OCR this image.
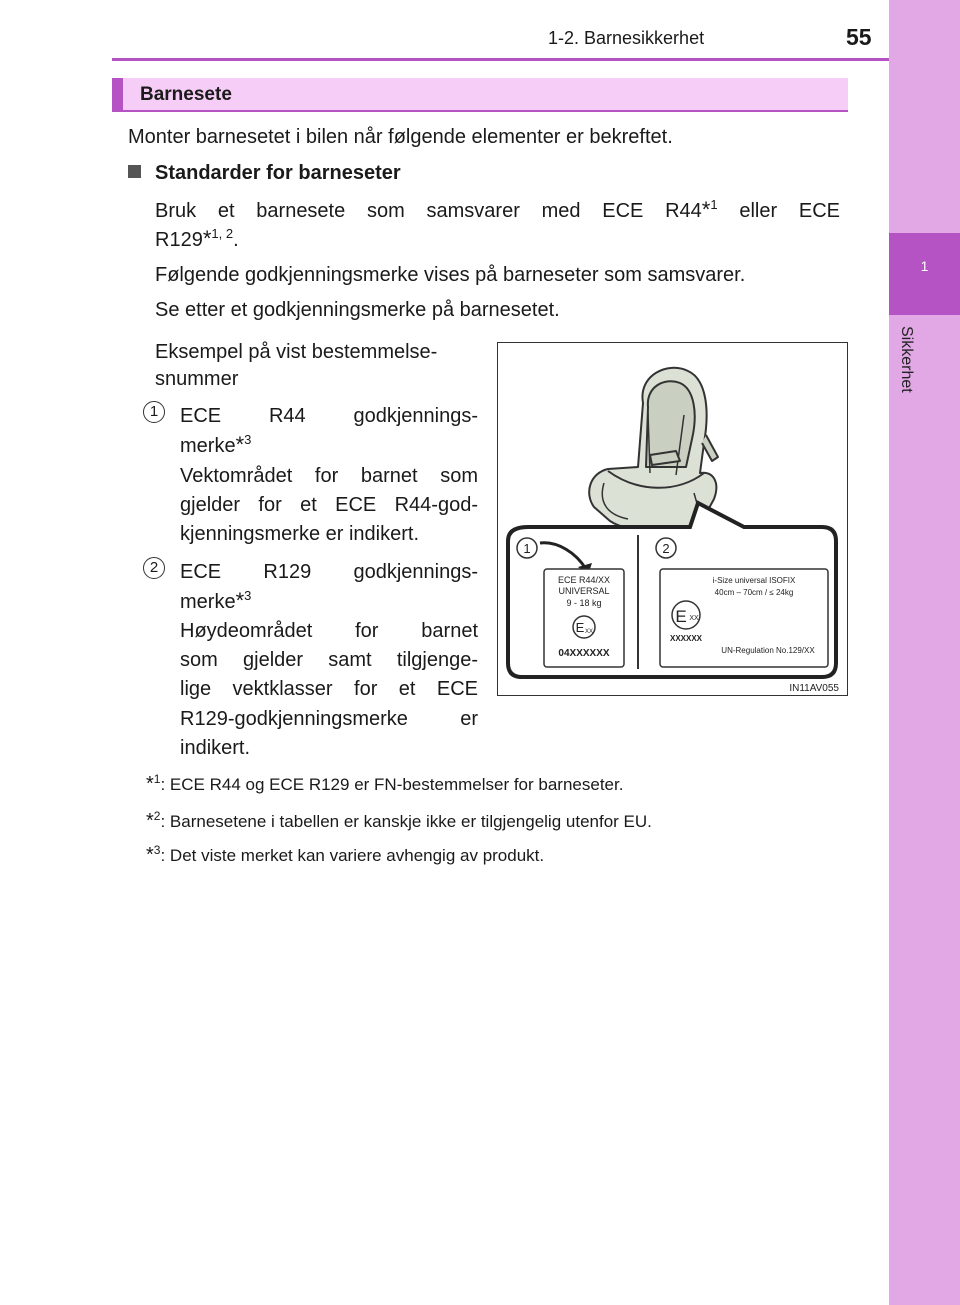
1
Sikkerhet
1-2. Barnesikkerhet	55
Barnesete
Monter barnesetet i bilen når følgende elementer er bekreftet.
Standarder for barneseter
Bruk et barnesete som samsvarer med ECE R44*$^1$ eller ECE
R129*$^{1, 2}$.
Følgende godkjenningsmerke vises på barneseter som samsvarer.
Se etter et godkjenningsmerke på barnesetet.
Eksempel på vist bestemmelse-
snummer
1	ECE R44 godkjennings-
merke*$^3$
Vektområdet for barnet som
gjelder for et ECE R44-god-
kjenningsmerke er indikert.
2	ECE R129 godkjennings-
merke*$^3$
Høydeområdet for barnet
som gjelder samt tilgjenge-
lige vektklasser for et ECE
R129-godkjenningsmerke er
indikert.
1	2
ECE R44/XX
UNIVERSAL
9 - 18 kg
E XX
04XXXXXX
i-Size universal ISOFIX
40cm – 70cm / ≤ 24kg
E XX
XXXXXX
UN-Regulation No.129/XX
IN11AV055
*$^1$: ECE R44 og ECE R129 er FN-bestemmelser for barneseter.
*$^2$: Barnesetene i tabellen er kanskje ikke er tilgjengelig utenfor EU.
*$^3$: Det viste merket kan variere avhengig av produkt.
